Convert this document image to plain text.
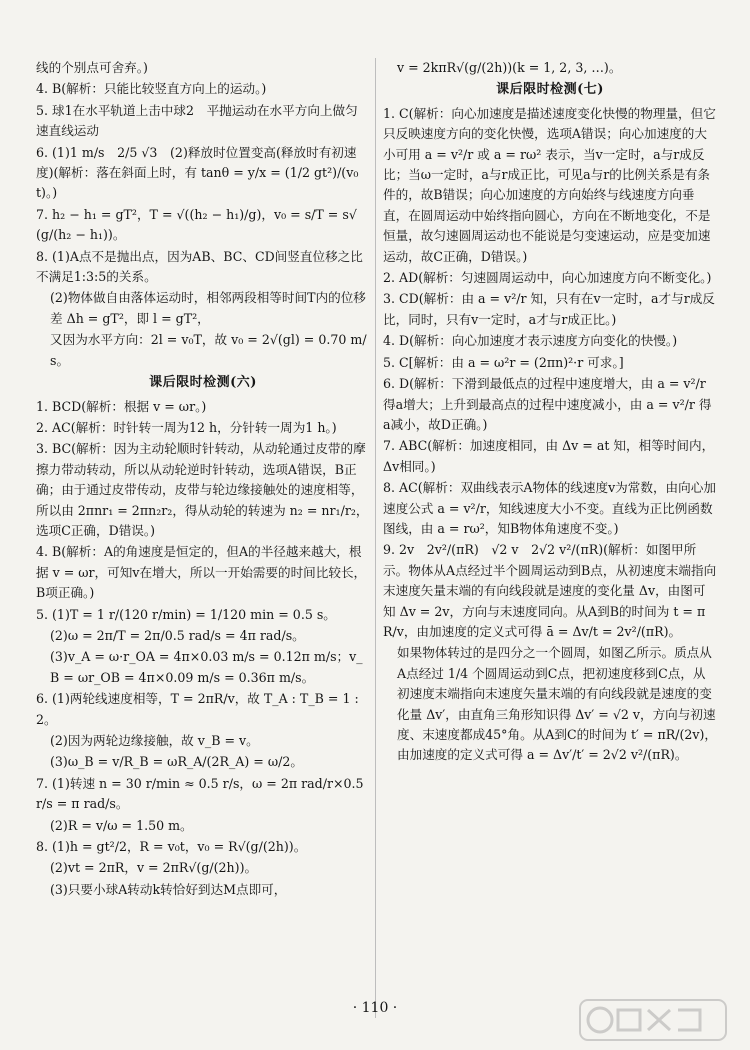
线的个别点可舍弃。)

4. B(解析：只能比较竖直方向上的运动。)

5. 球1在水平轨道上击中球2　平抛运动在水平方向上做匀速直线运动

6. (1)1 m/s　2/5 √3　(2)释放时位置变高(释放时有初速度)(解析：落在斜面上时，有 tanθ = y/x = (1/2 gt²)/(v₀t)。)

7. h₂ − h₁ = gT²，T = √((h₂ − h₁)/g)，v₀ = s/T = s√(g/(h₂ − h₁))。

8. (1)A点不是抛出点，因为AB、BC、CD间竖直位移之比不满足1:3:5的关系。

(2)物体做自由落体运动时，相邻两段相等时间T内的位移差 Δh = gT²，即 l = gT²，

又因为水平方向：2l = v₀T，故 v₀ = 2√(gl) = 0.70 m/s。

课后限时检测(六)

1. BCD(解析：根据 v = ωr。)

2. AC(解析：时针转一周为12 h，分针转一周为1 h。)

3. BC(解析：因为主动轮顺时针转动，从动轮通过皮带的摩擦力带动转动，所以从动轮逆时针转动，选项A错误，B正确；由于通过皮带传动，皮带与轮边缘接触处的速度相等，所以由 2πnr₁ = 2πn₂r₂，得从动轮的转速为 n₂ = nr₁/r₂，选项C正确，D错误。)

4. B(解析：A的角速度是恒定的，但A的半径越来越大，根据 v = ωr，可知v在增大，所以一开始需要的时间比较长，B项正确。)

5. (1)T = 1 r/(120 r/min) = 1/120 min = 0.5 s。

(2)ω = 2π/T = 2π/0.5 rad/s = 4π rad/s。

(3)v_A = ω·r_OA = 4π×0.03 m/s = 0.12π m/s；v_B = ωr_OB = 4π×0.09 m/s = 0.36π m/s。

6. (1)两轮线速度相等，T = 2πR/v，故 T_A : T_B = 1 : 2。

(2)因为两轮边缘接触，故 v_B = v。

(3)ω_B = v/R_B = ωR_A/(2R_A) = ω/2。

7. (1)转速 n = 30 r/min ≈ 0.5 r/s，ω = 2π rad/r×0.5 r/s = π rad/s。

(2)R = v/ω = 1.50 m。

8. (1)h = gt²/2，R = v₀t，v₀ = R√(g/(2h))。

(2)vt = 2πR，v = 2πR√(g/(2h))。

(3)只要小球A转动k转恰好到达M点即可，

v = 2kπR√(g/(2h))(k = 1, 2, 3, …)。

课后限时检测(七)

1. C(解析：向心加速度是描述速度变化快慢的物理量，但它只反映速度方向的变化快慢，选项A错误；向心加速度的大小可用 a = v²/r 或 a = rω² 表示，当v一定时，a与r成反比；当ω一定时，a与r成正比，可见a与r的比例关系是有条件的，故B错误；向心加速度的方向始终与线速度方向垂直，在圆周运动中始终指向圆心，方向在不断地变化，不是恒量，故匀速圆周运动也不能说是匀变速运动，应是变加速运动，故C正确，D错误。)

2. AD(解析：匀速圆周运动中，向心加速度方向不断变化。)

3. CD(解析：由 a = v²/r 知，只有在v一定时，a才与r成反比，同时，只有v一定时，a才与r成正比。)

4. D(解析：向心加速度才表示速度方向变化的快慢。)

5. C[解析：由 a = ω²r = (2πn)²·r 可求。]

6. D(解析：下滑到最低点的过程中速度增大，由 a = v²/r 得a增大；上升到最高点的过程中速度减小，由 a = v²/r 得a减小，故D正确。)

7. ABC(解析：加速度相同，由 Δv = at 知，相等时间内，Δv相同。)

8. AC(解析：双曲线表示A物体的线速度v为常数，由向心加速度公式 a = v²/r，知线速度大小不变。直线为正比例函数图线，由 a = rω²，知B物体角速度不变。)

9. 2v　2v²/(πR)　√2 v　2√2 v²/(πR)(解析：如图甲所示。物体从A点经过半个圆周运动到B点，从初速度末端指向末速度矢量末端的有向线段就是速度的变化量 Δv，由图可知 Δv = 2v，方向与末速度同向。从A到B的时间为 t = πR/v，由加速度的定义式可得 ā = Δv/t = 2v²/(πR)。

如果物体转过的是四分之一个圆周，如图乙所示。质点从A点经过 1/4 个圆周运动到C点，把初速度移到C点，从初速度末端指向末速度矢量末端的有向线段就是速度的变化量 Δv′，由直角三角形知识得 Δv′ = √2 v，方向与初速度、末速度都成45°角。从A到C的时间为 t′ = πR/(2v)，由加速度的定义式可得 a = Δv′/t′ = 2√2 v²/(πR)。

· 110 ·
